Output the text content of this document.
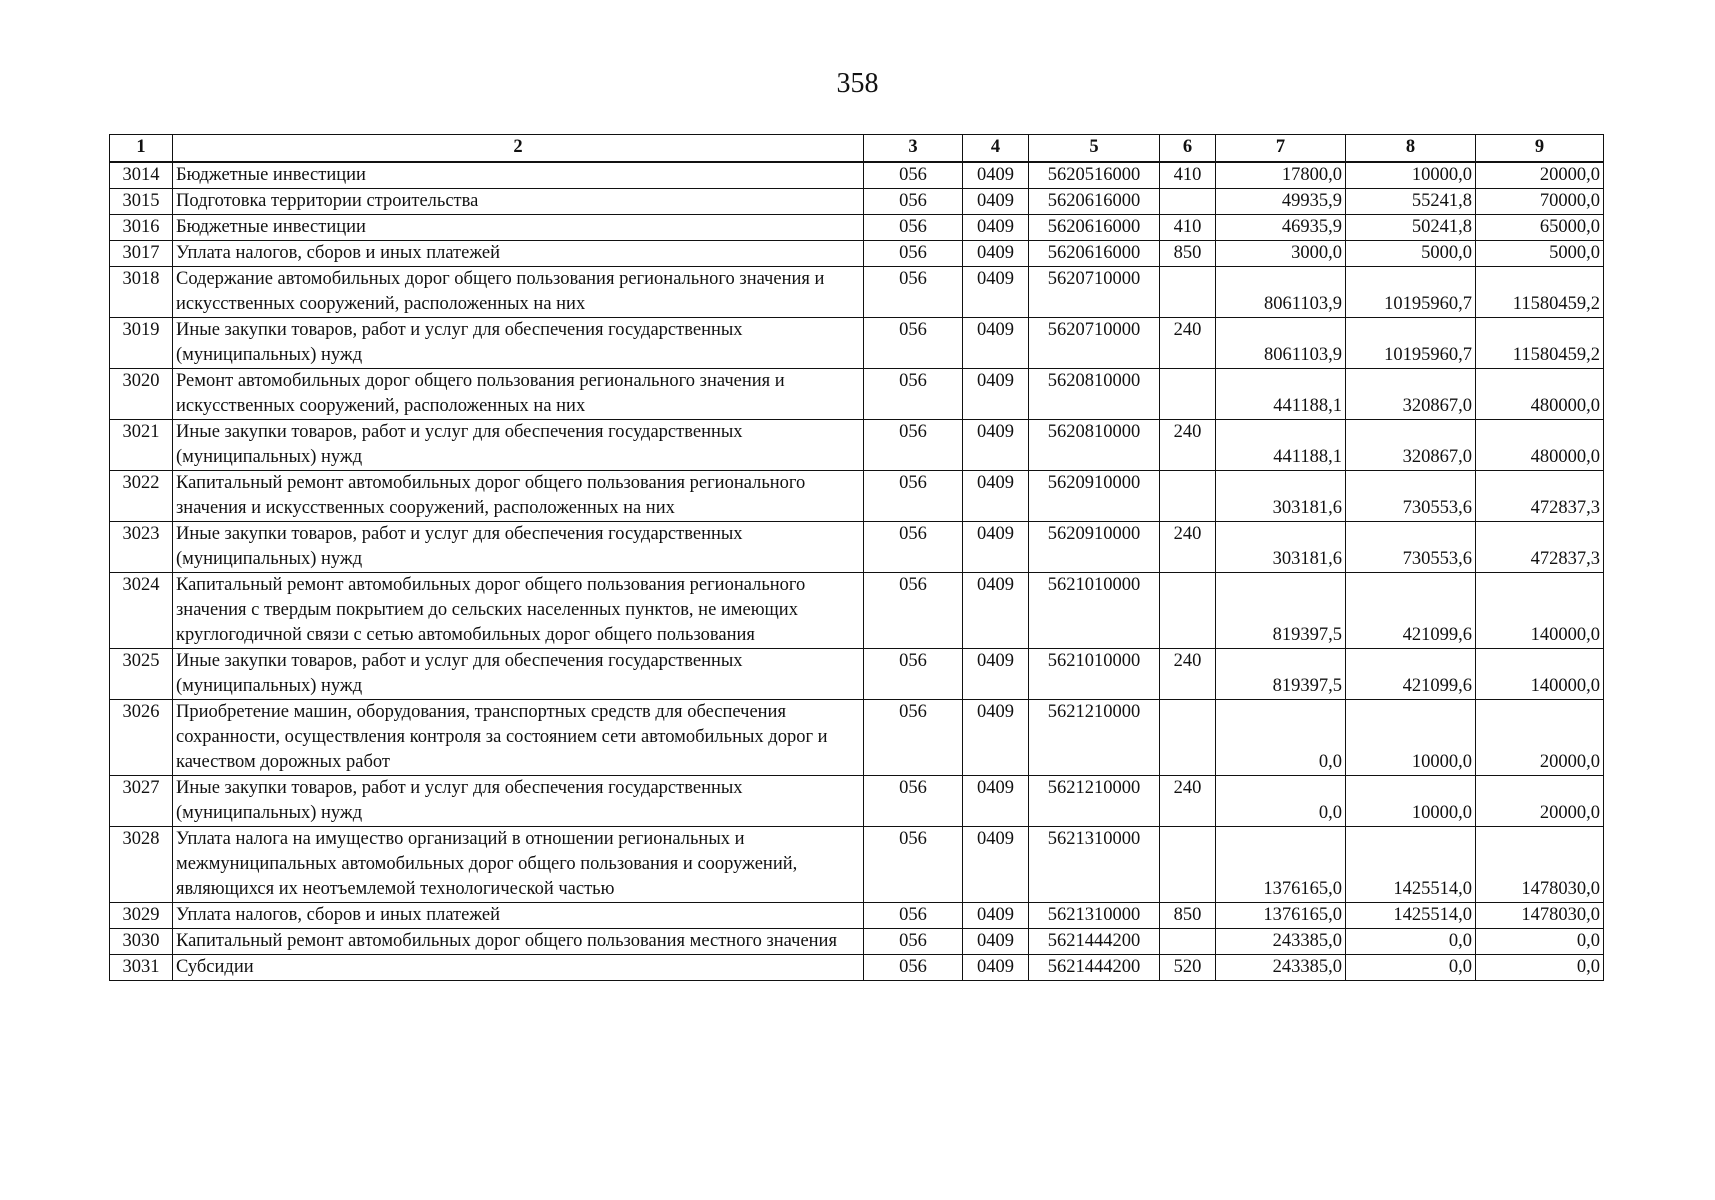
358
1	2	3	4	5	6	7	8	9
3014	Бюджетные инвестиции	056	0409	5620516000	410	17800,0	10000,0	20000,0
3015	Подготовка территории строительства	056	0409	5620616000		49935,9	55241,8	70000,0
3016	Бюджетные инвестиции	056	0409	5620616000	410	46935,9	50241,8	65000,0
3017	Уплата налогов, сборов и иных платежей	056	0409	5620616000	850	3000,0	5000,0	5000,0
3018	Содержание автомобильных дорог общего пользования регионального значения и искусственных сооружений, расположенных на них	056	0409	5620710000		8061103,9	10195960,7	11580459,2
3019	Иные закупки товаров, работ и услуг для обеспечения государственных (муниципальных) нужд	056	0409	5620710000	240	8061103,9	10195960,7	11580459,2
3020	Ремонт автомобильных дорог общего пользования регионального значения и искусственных сооружений, расположенных на них	056	0409	5620810000		441188,1	320867,0	480000,0
3021	Иные закупки товаров, работ и услуг для обеспечения государственных (муниципальных) нужд	056	0409	5620810000	240	441188,1	320867,0	480000,0
3022	Капитальный ремонт автомобильных дорог общего пользования регионального значения и искусственных сооружений, расположенных на них	056	0409	5620910000		303181,6	730553,6	472837,3
3023	Иные закупки товаров, работ и услуг для обеспечения государственных (муниципальных) нужд	056	0409	5620910000	240	303181,6	730553,6	472837,3
3024	Капитальный ремонт автомобильных дорог общего пользования регионального значения с твердым покрытием до сельских населенных пунктов, не имеющих круглогодичной связи с сетью автомобильных дорог общего пользования	056	0409	5621010000		819397,5	421099,6	140000,0
3025	Иные закупки товаров, работ и услуг для обеспечения государственных (муниципальных) нужд	056	0409	5621010000	240	819397,5	421099,6	140000,0
3026	Приобретение машин, оборудования, транспортных средств для обеспечения сохранности, осуществления контроля за состоянием сети автомобильных дорог и качеством дорожных работ	056	0409	5621210000		0,0	10000,0	20000,0
3027	Иные закупки товаров, работ и услуг для обеспечения государственных (муниципальных) нужд	056	0409	5621210000	240	0,0	10000,0	20000,0
3028	Уплата налога на имущество организаций в отношении региональных и межмуниципальных автомобильных дорог общего пользования и сооружений, являющихся их неотъемлемой технологической частью	056	0409	5621310000		1376165,0	1425514,0	1478030,0
3029	Уплата налогов, сборов и иных платежей	056	0409	5621310000	850	1376165,0	1425514,0	1478030,0
3030	Капитальный ремонт автомобильных дорог общего пользования местного значения	056	0409	5621444200		243385,0	0,0	0,0
3031	Субсидии	056	0409	5621444200	520	243385,0	0,0	0,0
